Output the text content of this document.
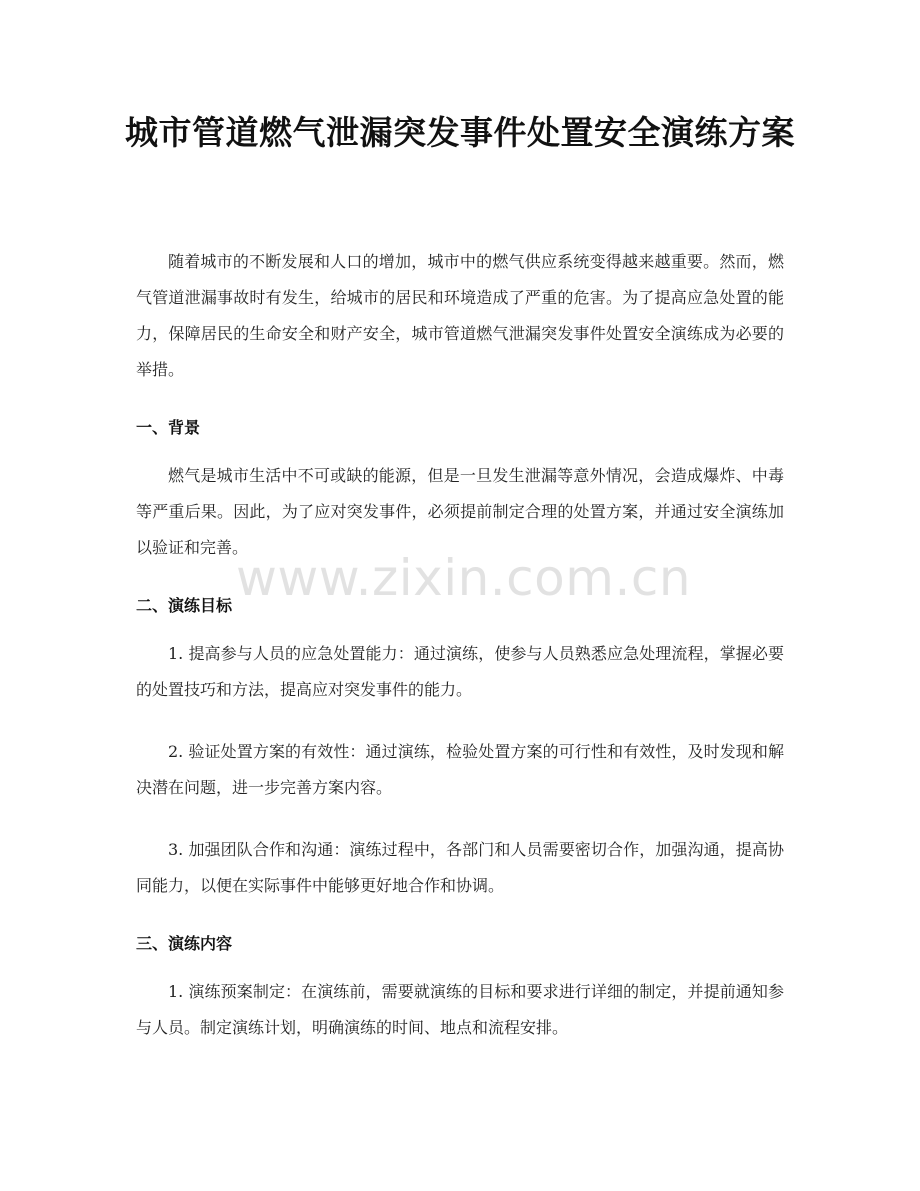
城市管道燃气泄漏突发事件处置安全演练方案

随着城市的不断发展和人口的增加，城市中的燃气供应系统变得越来越重要。然而，燃气管道泄漏事故时有发生，给城市的居民和环境造成了严重的危害。为了提高应急处置的能力，保障居民的生命安全和财产安全，城市管道燃气泄漏突发事件处置安全演练成为必要的举措。

一、背景

燃气是城市生活中不可或缺的能源，但是一旦发生泄漏等意外情况，会造成爆炸、中毒等严重后果。因此，为了应对突发事件，必须提前制定合理的处置方案，并通过安全演练加以验证和完善。

二、演练目标

1. 提高参与人员的应急处置能力：通过演练，使参与人员熟悉应急处理流程，掌握必要的处置技巧和方法，提高应对突发事件的能力。

2. 验证处置方案的有效性：通过演练，检验处置方案的可行性和有效性，及时发现和解决潜在问题，进一步完善方案内容。

3. 加强团队合作和沟通：演练过程中，各部门和人员需要密切合作，加强沟通，提高协同能力，以便在实际事件中能够更好地合作和协调。

三、演练内容

1. 演练预案制定：在演练前，需要就演练的目标和要求进行详细的制定，并提前通知参与人员。制定演练计划，明确演练的时间、地点和流程安排。

www.zixin.com.cn
